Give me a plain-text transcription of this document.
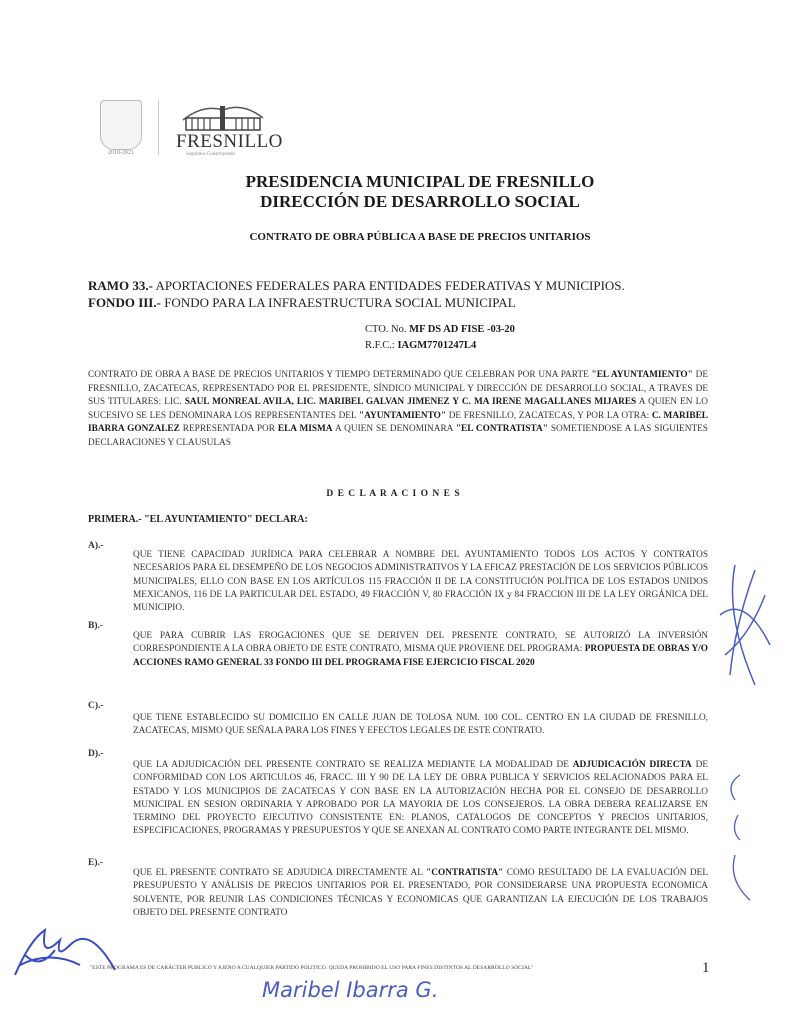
2018-2021
FRESNILLO
Seguimos Construyendo
PRESIDENCIA MUNICIPAL DE FRESNILLO
DIRECCIÓN DE DESARROLLO SOCIAL
CONTRATO DE OBRA PÚBLICA A BASE DE PRECIOS UNITARIOS
RAMO 33.- APORTACIONES FEDERALES PARA ENTIDADES FEDERATIVAS Y MUNICIPIOS.
FONDO III.- FONDO PARA LA INFRAESTRUCTURA SOCIAL MUNICIPAL
CTO. No. MF DS AD FISE -03-20
R.F.C.: IAGM7701247L4
CONTRATO DE OBRA A BASE DE PRECIOS UNITARIOS Y TIEMPO DETERMINADO QUE CELEBRAN POR UNA PARTE "EL AYUNTAMIENTO" DE FRESNILLO, ZACATECAS, REPRESENTADO POR EL PRESIDENTE, SÍNDICO MUNICIPAL Y DIRECCIÓN DE DESARROLLO SOCIAL, A TRAVES DE SUS TITULARES: LIC. SAUL MONREAL AVILA, LIC. MARIBEL GALVAN JIMENEZ Y C. MA IRENE MAGALLANES MIJARES A QUIEN EN LO SUCESIVO SE LES DENOMINARA LOS REPRESENTANTES DEL "AYUNTAMIENTO" DE FRESNILLO, ZACATECAS, Y POR LA OTRA: C. MARIBEL IBARRA GONZALEZ REPRESENTADA POR ELA MISMA A QUIEN SE DENOMINARA "EL CONTRATISTA" SOMETIENDOSE A LAS SIGUIENTES DECLARACIONES Y CLAUSULAS
D E C L A R A C I O N E S
PRIMERA.- "EL AYUNTAMIENTO" DECLARA:
A).-
QUE TIENE CAPACIDAD JURÍDICA PARA CELEBRAR A NOMBRE DEL AYUNTAMIENTO TODOS LOS ACTOS Y CONTRATOS NECESARIOS PARA EL DESEMPEÑO DE LOS NEGOCIOS ADMINISTRATIVOS Y LA EFICAZ PRESTACIÓN DE LOS SERVICIOS PÚBLICOS MUNICIPALES, ELLO CON BASE EN LOS ARTÍCULOS 115 FRACCIÓN II DE LA CONSTITUCIÓN POLÍTICA DE LOS ESTADOS UNIDOS MEXICANOS, 116 DE LA PARTICULAR DEL ESTADO, 49 FRACCIÓN V, 80 FRACCIÓN IX y 84 FRACCION III DE LA LEY ORGÁNICA DEL MUNICIPIO.
B).-
QUE PARA CUBRIR LAS EROGACIONES QUE SE DERIVEN DEL PRESENTE CONTRATO, SE AUTORIZÓ LA INVERSIÓN CORRESPONDIENTE A LA OBRA OBJETO DE ESTE CONTRATO, MISMA QUE PROVIENE DEL PROGRAMA: PROPUESTA DE OBRAS Y/O ACCIONES RAMO GENERAL 33 FONDO III DEL PROGRAMA FISE EJERCICIO FISCAL 2020
C).-
QUE TIENE ESTABLECIDO SU DOMICILIO EN CALLE JUAN DE TOLOSA NUM. 100 COL. CENTRO EN LA CIUDAD DE FRESNILLO, ZACATECAS, MISMO QUE SEÑALA PARA LOS FINES Y EFECTOS LEGALES DE ESTE CONTRATO.
D).-
QUE LA ADJUDICACIÓN DEL PRESENTE CONTRATO SE REALIZA MEDIANTE LA MODALIDAD DE ADJUDICACIÓN DIRECTA DE CONFORMIDAD CON LOS ARTICULOS 46, FRACC. III Y 90 DE LA LEY DE OBRA PUBLICA Y SERVICIOS RELACIONADOS PARA EL ESTADO Y LOS MUNICIPIOS DE ZACATECAS Y CON BASE EN LA AUTORIZACIÓN HECHA POR EL CONSEJO DE DESARROLLO MUNICIPAL EN SESION ORDINARIA Y APROBADO POR LA MAYORIA DE LOS CONSEJEROS. LA OBRA DEBERA REALIZARSE EN TERMINO DEL PROYECTO EJECUTIVO CONSISTENTE EN: PLANOS, CATALOGOS DE CONCEPTOS Y PRECIOS UNITARIOS, ESPECIFICACIONES, PROGRAMAS Y PRESUPUESTOS Y QUE SE ANEXAN AL CONTRATO COMO PARTE INTEGRANTE DEL MISMO.
E).-
QUE EL PRESENTE CONTRATO SE ADJUDICA DIRECTAMENTE AL "CONTRATISTA" COMO RESULTADO DE LA EVALUACIÓN DEL PRESUPUESTO Y ANÁLISIS DE PRECIOS UNITARIOS POR EL PRESENTADO, POR CONSIDERARSE UNA PROPUESTA ECONOMICA SOLVENTE, POR REUNIR LAS CONDICIONES TÉCNICAS Y ECONOMICAS QUE GARANTIZAN LA EJECUCIÓN DE LOS TRABAJOS OBJETO DEL PRESENTE CONTRATO
"ESTE PROGRAMA ES DE CARÁCTER PUBLICO Y AJENO A CUALQUIER PARTIDO POLITICO. QUEDA PROHIBIDO EL USO PARA FINES DISTINTOS AL DESARROLLO SOCIAL"	1
Maribel Ibarra G.
